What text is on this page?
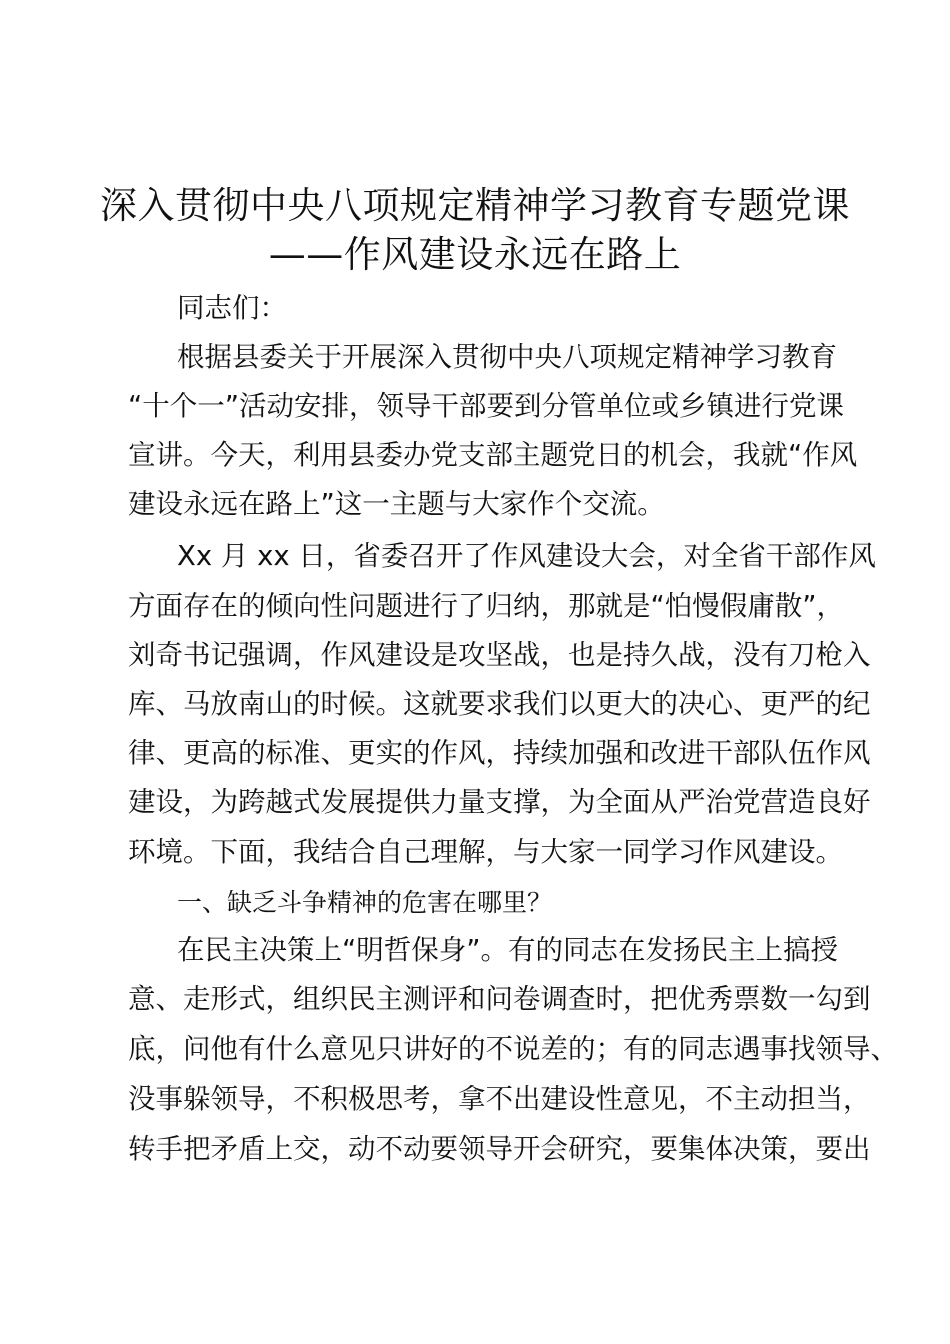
深入贯彻中央八项规定精神学习教育专题党课
——作风建设永远在路上
同志们：
根据县委关于开展深入贯彻中央八项规定精神学习教育
“十个一”活动安排，领导干部要到分管单位或乡镇进行党课
宣讲。今天，利用县委办党支部主题党日的机会，我就“作风
建设永远在路上”这一主题与大家作个交流。
Xx 月 xx 日，省委召开了作风建设大会，对全省干部作风
方面存在的倾向性问题进行了归纳，那就是“怕慢假庸散”，
刘奇书记强调，作风建设是攻坚战，也是持久战，没有刀枪入
库、马放南山的时候。这就要求我们以更大的决心、更严的纪
律、更高的标准、更实的作风，持续加强和改进干部队伍作风
建设，为跨越式发展提供力量支撑，为全面从严治党营造良好
环境。下面，我结合自己理解，与大家一同学习作风建设。
一、缺乏斗争精神的危害在哪里？
在民主决策上“明哲保身”。有的同志在发扬民主上搞授
意、走形式，组织民主测评和问卷调查时，把优秀票数一勾到
底，问他有什么意见只讲好的不说差的；有的同志遇事找领导、
没事躲领导，不积极思考，拿不出建设性意见，不主动担当，
转手把矛盾上交，动不动要领导开会研究，要集体决策，要出
